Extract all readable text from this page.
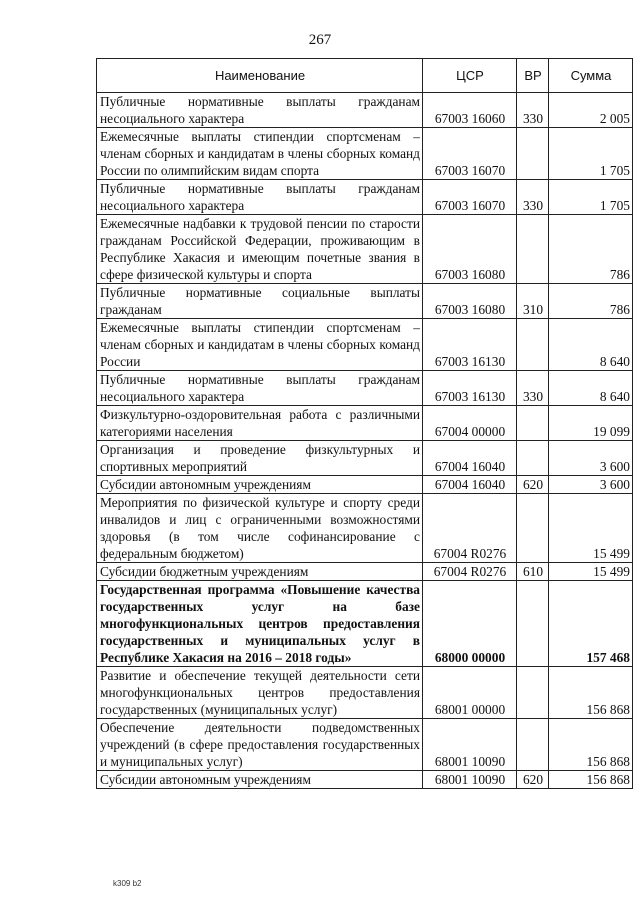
267
Наименование	ЦСР	ВР	Сумма
Публичные нормативные выплаты гражданам несоциального характера	67003 16060	330	2 005
Ежемесячные выплаты стипендии спортсменам – членам сборных и кандидатам в члены сборных команд России по олимпийским видам спорта	67003 16070		1 705
Публичные нормативные выплаты гражданам несоциального характера	67003 16070	330	1 705
Ежемесячные надбавки к трудовой пенсии по старости гражданам Российской Федерации, проживающим в Республике Хакасия и имеющим почетные звания в сфере физической культуры и спорта	67003 16080		786
Публичные нормативные социальные выплаты гражданам	67003 16080	310	786
Ежемесячные выплаты стипендии спортсменам – членам сборных и кандидатам в члены сборных команд России	67003 16130		8 640
Публичные нормативные выплаты гражданам несоциального характера	67003 16130	330	8 640
Физкультурно-оздоровительная работа с различными категориями населения	67004 00000		19 099
Организация и проведение физкультурных и спортивных мероприятий	67004 16040		3 600
Субсидии автономным учреждениям	67004 16040	620	3 600
Мероприятия по физической культуре и спорту среди инвалидов и лиц с ограниченными возможностями здоровья (в том числе софинансирование с федеральным бюджетом)	67004 R0276		15 499
Субсидии бюджетным учреждениям	67004 R0276	610	15 499
Государственная программа «Повышение качества государственных услуг на базе многофункциональных центров предоставления государственных и муниципальных услуг в Республике Хакасия на 2016 – 2018 годы»	68000 00000		157 468
Развитие и обеспечение текущей деятельности сети многофункциональных центров предоставления государственных (муниципальных услуг)	68001 00000		156 868
Обеспечение деятельности подведомственных учреждений (в сфере предоставления государственных и муниципальных услуг)	68001 10090		156 868
Субсидии автономным учреждениям	68001 10090	620	156 868
k309 b2
